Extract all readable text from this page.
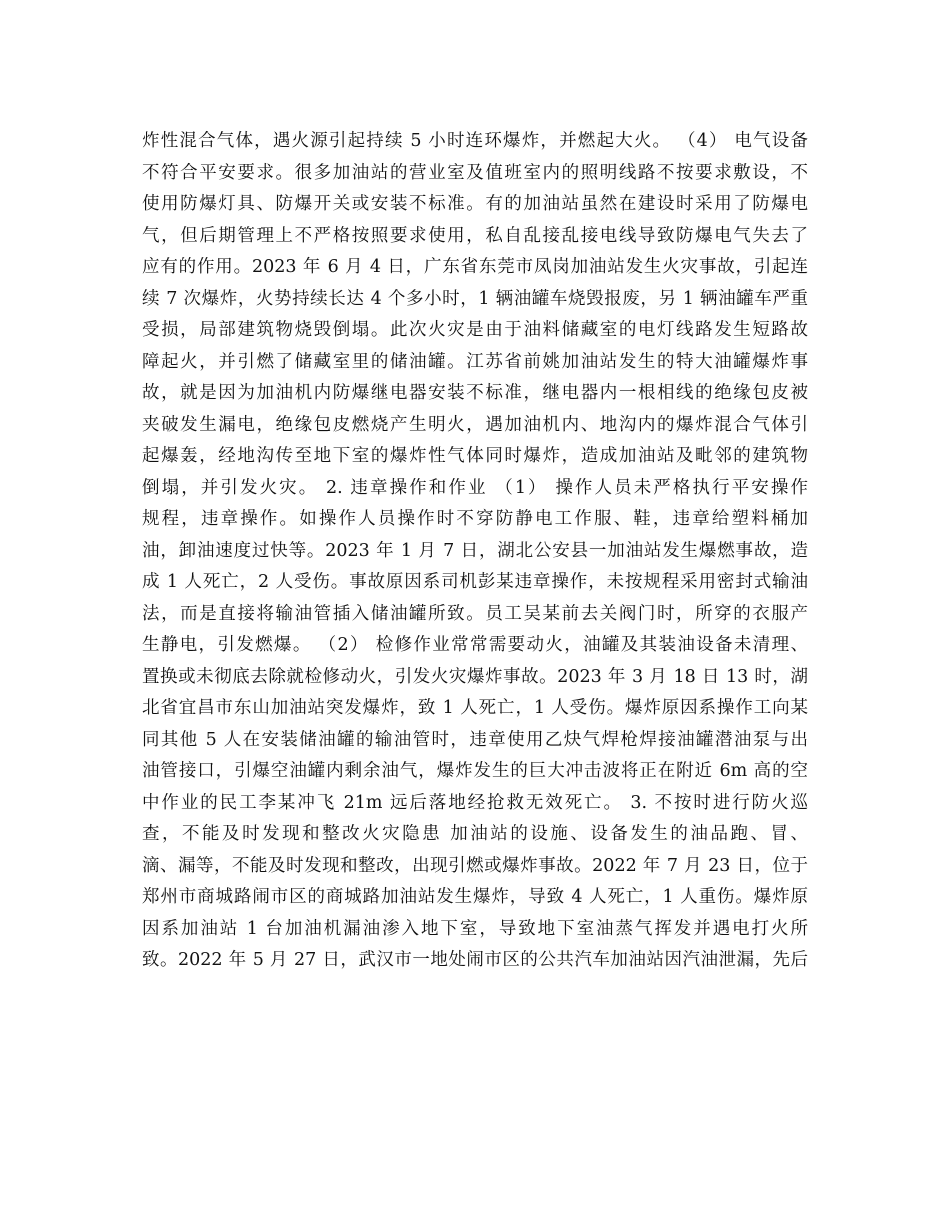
炸性混合气体，遇火源引起持续 5 小时连环爆炸，并燃起大火。 （4） 电气设备
不符合平安要求。很多加油站的营业室及值班室内的照明线路不按要求敷设，不
使用防爆灯具、防爆开关或安装不标准。有的加油站虽然在建设时采用了防爆电
气，但后期管理上不严格按照要求使用，私自乱接乱接电线导致防爆电气失去了
应有的作用。2023 年 6 月 4 日，广东省东莞市凤岗加油站发生火灾事故，引起连
续 7 次爆炸，火势持续长达 4 个多小时，1 辆油罐车烧毁报废，另 1 辆油罐车严重
受损，局部建筑物烧毁倒塌。此次火灾是由于油料储藏室的电灯线路发生短路故
障起火，并引燃了储藏室里的储油罐。江苏省前姚加油站发生的特大油罐爆炸事
故，就是因为加油机内防爆继电器安装不标准，继电器内一根相线的绝缘包皮被
夹破发生漏电，绝缘包皮燃烧产生明火，遇加油机内、地沟内的爆炸混合气体引
起爆轰，经地沟传至地下室的爆炸性气体同时爆炸，造成加油站及毗邻的建筑物
倒塌，并引发火灾。 2. 违章操作和作业 （1） 操作人员未严格执行平安操作
规程，违章操作。如操作人员操作时不穿防静电工作服、鞋，违章给塑料桶加
油，卸油速度过快等。2023 年 1 月 7 日，湖北公安县一加油站发生爆燃事故，造
成 1 人死亡，2 人受伤。事故原因系司机彭某违章操作，未按规程采用密封式输油
法，而是直接将输油管插入储油罐所致。员工吴某前去关阀门时，所穿的衣服产
生静电，引发燃爆。 （2） 检修作业常常需要动火，油罐及其装油设备未清理、
置换或未彻底去除就检修动火，引发火灾爆炸事故。2023 年 3 月 18 日 13 时，湖
北省宜昌市东山加油站突发爆炸，致 1 人死亡，1 人受伤。爆炸原因系操作工向某
同其他 5 人在安装储油罐的输油管时，违章使用乙炔气焊枪焊接油罐潜油泵与出
油管接口，引爆空油罐内剩余油气，爆炸发生的巨大冲击波将正在附近 6m 高的空
中作业的民工李某冲飞 21m 远后落地经抢救无效死亡。 3. 不按时进行防火巡
查，不能及时发现和整改火灾隐患 加油站的设施、设备发生的油品跑、冒、
滴、漏等，不能及时发现和整改，出现引燃或爆炸事故。2022 年 7 月 23 日，位于
郑州市商城路闹市区的商城路加油站发生爆炸，导致 4 人死亡，1 人重伤。爆炸原
因系加油站 1 台加油机漏油渗入地下室，导致地下室油蒸气挥发并遇电打火所
致。2022 年 5 月 27 日，武汉市一地处闹市区的公共汽车加油站因汽油泄漏，先后
